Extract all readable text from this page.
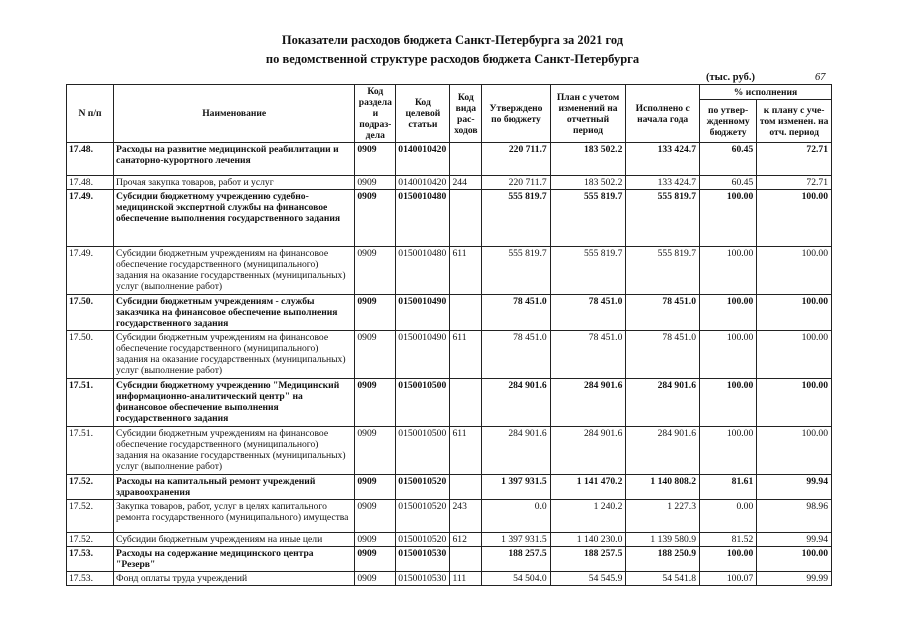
Показатели расходов бюджета Санкт-Петербурга за 2021 год
по ведомственной структуре расходов бюджета Санкт-Петербурга
(тыс. руб.)	67
N п/п	Наименование	Код раздела и подраз-дела	Код целевой статьи	Код вида рас-ходов	Утверждено по бюджету	План с учетом изменений на отчетный период	Исполнено с начала года	% исполнения	
								по утвер-жденному бюджету	к плану с уче-том измене́н. на отч. период
17.48.	Расходы на развитие медицинской реабилитации и санаторно-курортного лечения	0909	0140010420		220 711.7	183 502.2	133 424.7	60.45	72.71
17.48.	Прочая закупка товаров, работ и услуг	0909	0140010420	244	220 711.7	183 502.2	133 424.7	60.45	72.71
17.49.	Субсидии бюджетному учреждению судебно-медицинской экспертной службы на финансовое обеспечение выполнения государственного задания	0909	0150010480		555 819.7	555 819.7	555 819.7	100.00	100.00
17.49.	Субсидии бюджетным учреждениям на финансовое обеспечение государственного (муниципального) задания на оказание государственных (муниципальных) услуг (выполнение работ)	0909	0150010480	611	555 819.7	555 819.7	555 819.7	100.00	100.00
17.50.	Субсидии бюджетным учреждениям - службы заказчика на финансовое обеспечение выполнения государственного задания	0909	0150010490		78 451.0	78 451.0	78 451.0	100.00	100.00
17.50.	Субсидии бюджетным учреждениям на финансовое обеспечение государственного (муниципального) задания на оказание государственных (муниципальных) услуг (выполнение работ)	0909	0150010490	611	78 451.0	78 451.0	78 451.0	100.00	100.00
17.51.	Субсидии бюджетному учреждению "Медицинский информационно-аналитический центр" на финансовое обеспечение выполнения государственного задания	0909	0150010500		284 901.6	284 901.6	284 901.6	100.00	100.00
17.51.	Субсидии бюджетным учреждениям на финансовое обеспечение государственного (муниципального) задания на оказание государственных (муниципальных) услуг (выполнение работ)	0909	0150010500	611	284 901.6	284 901.6	284 901.6	100.00	100.00
17.52.	Расходы на капитальный ремонт учреждений здравоохранения	0909	0150010520		1 397 931.5	1 141 470.2	1 140 808.2	81.61	99.94
17.52.	Закупка товаров, работ, услуг в целях капитального ремонта государственного (муниципального) имущества	0909	0150010520	243	0.0	1 240.2	1 227.3	0.00	98.96
17.52.	Субсидии бюджетным учреждениям на иные цели	0909	0150010520	612	1 397 931.5	1 140 230.0	1 139 580.9	81.52	99.94
17.53.	Расходы на содержание медицинского центра "Резерв"	0909	0150010530		188 257.5	188 257.5	188 250.9	100.00	100.00
17.53.	Фонд оплаты труда учреждений	0909	0150010530	111	54 504.0	54 545.9	54 541.8	100.07	99.99
